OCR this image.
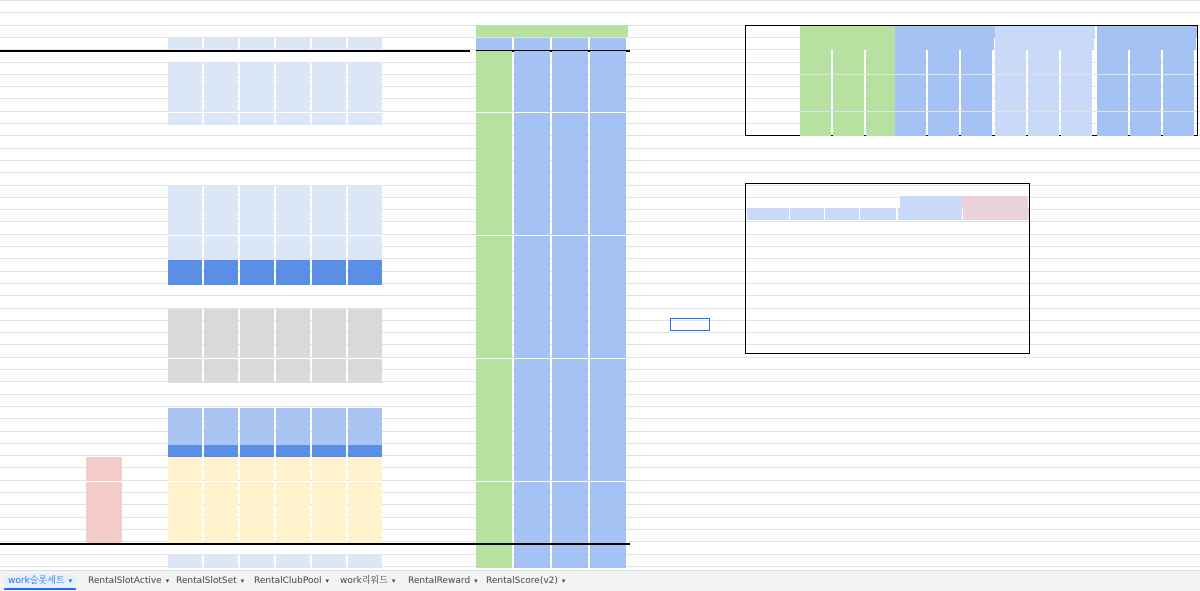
work슬롯세트 ▾	RentalSlotActive ▾ RentalSlotSet ▾	RentalClubPool ▾	work리워드 ▾	RentalReward ▾ RentalScore(v2) ▾
